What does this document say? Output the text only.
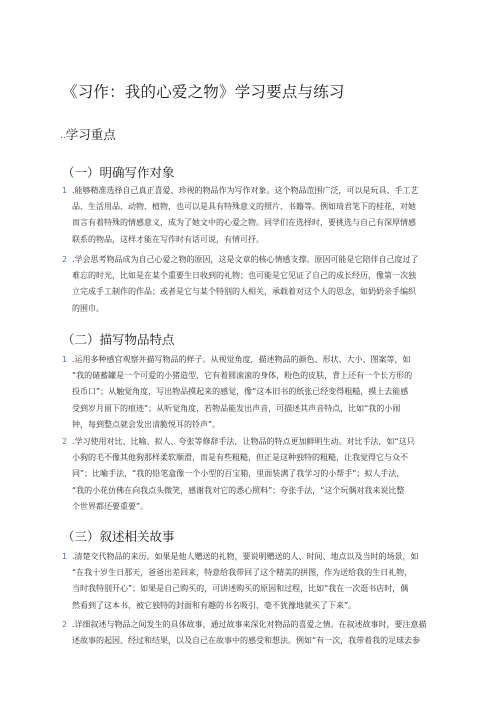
《习作：我的心爱之物》学习要点与练习
..学习重点
（一）明确写作对象
1 .能够精准选择自己真正喜爱、珍视的物品作为写作对象。这个物品范围广泛，可以是玩具、手工艺
品、生活用品、动物、植物，也可以是具有特殊意义的照片、书籍等。例如琦君笔下的桂花，对她
而言有着特殊的情感意义，成为了她文中的心爱之物。同学们在选择时，要挑选与自己有深厚情感
联系的物品，这样才能在写作时有话可说，有情可抒。
2 .学会思考物品成为自己心爱之物的原因，这是文章的核心情感支撑。原因可能是它陪伴自己度过了
难忘的时光，比如是在某个重要生日收到的礼物；也可能是它见证了自己的成长经历，像第一次独
立完成手工制作的作品；或者是它与某个特别的人相关，承载着对这个人的思念，如奶奶亲手编织
的围巾。
（二）描写物品特点
1 .运用多种感官观察并描写物品的样子。从视觉角度，描述物品的颜色、形状、大小、图案等，如
“我的储蓄罐是一个可爱的小猪造型，它有着圆滚滚的身体，粉色的皮肤，背上还有一个长方形的
投币口”；从触觉角度，写出物品摸起来的感觉，像“这本旧书的纸张已经变得粗糙，摸上去能感
受到岁月留下的痕迹”；从听觉角度，若物品能发出声音，可描述其声音特点，比如“我的小闹
钟，每到整点就会发出清脆悦耳的铃声”。
2 .学习使用对比、比喻、拟人、夸张等修辞手法，让物品的特点更加鲜明生动。对比手法，如“这只
小狗的毛不像其他狗那样柔软顺滑，而是有些粗糙，但正是这种独特的粗糙，让我觉得它与众不
同”；比喻手法，“我的铅笔盒像一个小型的百宝箱，里面装满了我学习的小帮手”；拟人手法，
“我的小花仿佛在向我点头微笑，感谢我对它的悉心照料”；夸张手法，“这个玩偶对我来说比整
个世界都还要重要”。
（三）叙述相关故事
1 .清楚交代物品的来历。如果是他人赠送的礼物，要说明赠送的人、时间、地点以及当时的场景，如
“在我十岁生日那天，爸爸出差回来，特意给我带回了这个精美的拼图，作为送给我的生日礼物，
当时我特别开心”；如果是自己购买的，可讲述购买的原因和过程，比如“我在一次逛书店时，偶
然看到了这本书，被它独特的封面和有趣的书名吸引，毫不犹豫地就买了下来”。
2 .详细叙述与物品之间发生的具体故事，通过故事来深化对物品的喜爱之情。在叙述故事时，要注意描
述故事的起因、经过和结果，以及自己在故事中的感受和想法。例如“有一次，我带着我的足球去参
